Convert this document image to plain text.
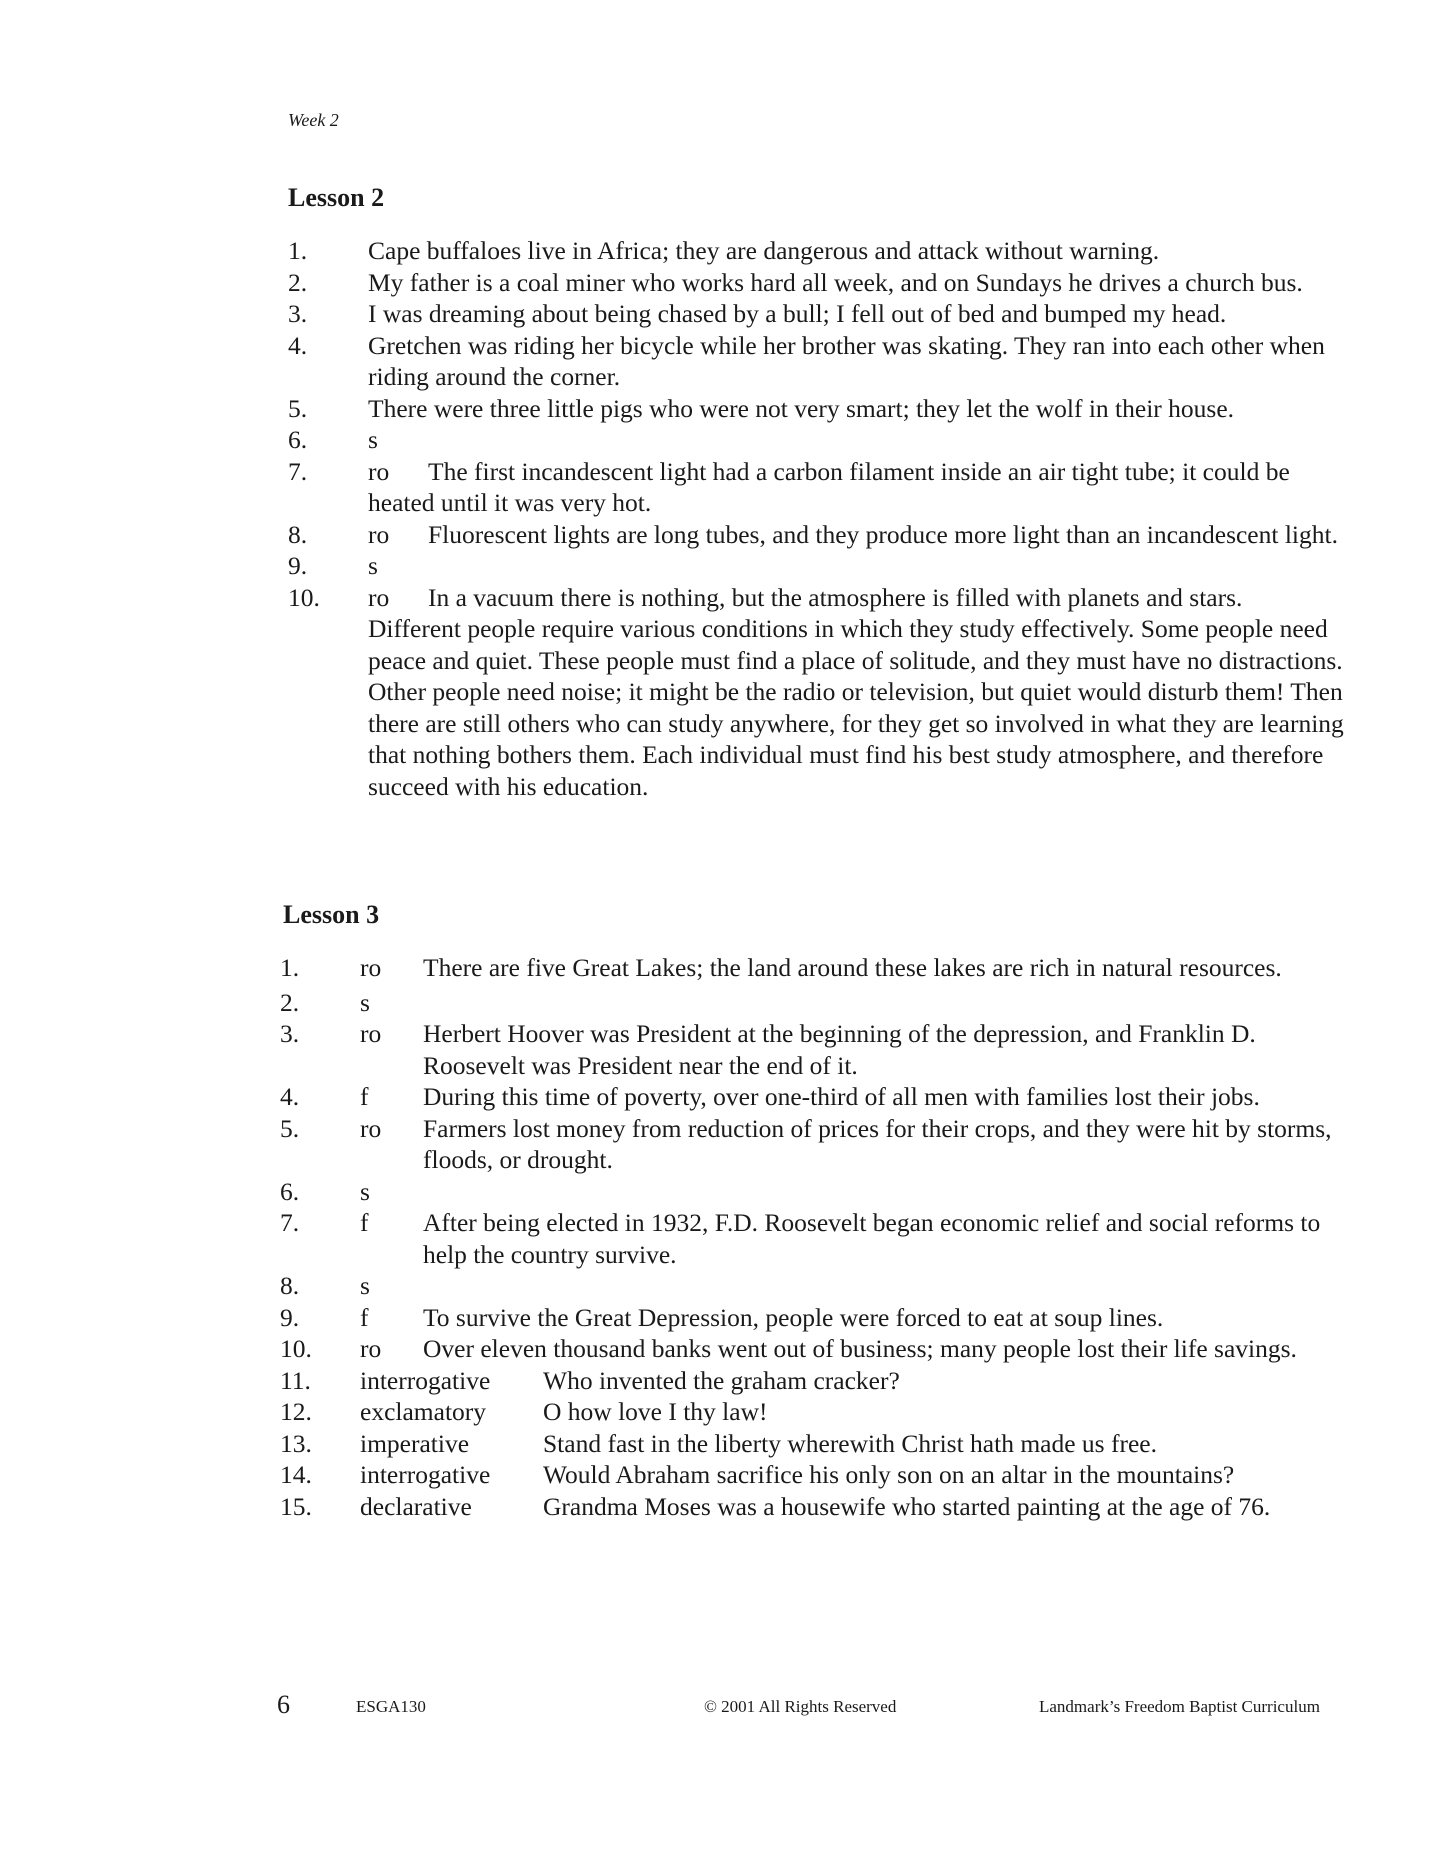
Week 2
Lesson 2
1. Cape buffaloes live in Africa; they are dangerous and attack without warning.
2. My father is a coal miner who works hard all week, and on Sundays he drives a church bus.
3. I was dreaming about being chased by a bull; I fell out of bed and bumped my head.
4. Gretchen was riding her bicycle while her brother was skating. They ran into each other when riding around the corner.
5. There were three little pigs who were not very smart; they let the wolf in their house.
6. s
7. ro The first incandescent light had a carbon filament inside an air tight tube; it could be heated until it was very hot.
8. ro Fluorescent lights are long tubes, and they produce more light than an incandescent light.
9. s
10. ro In a vacuum there is nothing, but the atmosphere is filled with planets and stars.
Different people require various conditions in which they study effectively. Some people need peace and quiet. These people must find a place of solitude, and they must have no distractions. Other people need noise; it might be the radio or television, but quiet would disturb them! Then there are still others who can study anywhere, for they get so involved in what they are learning that nothing bothers them. Each individual must find his best study atmosphere, and therefore succeed with his education.
Lesson 3
1. ro There are five Great Lakes; the land around these lakes are rich in natural resources.
2. s
3. ro Herbert Hoover was President at the beginning of the depression, and Franklin D. Roosevelt was President near the end of it.
4. f During this time of poverty, over one-third of all men with families lost their jobs.
5. ro Farmers lost money from reduction of prices for their crops, and they were hit by storms, floods, or drought.
6. s
7. f After being elected in 1932, F.D. Roosevelt began economic relief and social reforms to help the country survive.
8. s
9. f To survive the Great Depression, people were forced to eat at soup lines.
10. ro Over eleven thousand banks went out of business; many people lost their life savings.
11. interrogative Who invented the graham cracker?
12. exclamatory O how love I thy law!
13. imperative	Stand fast in the liberty wherewith Christ hath made us free.
14. interrogative Would Abraham sacrifice his only son on an altar in the mountains?
15. declarative	Grandma Moses was a housewife who started painting at the age of 76.
6	ESGA130	© 2001 All Rights Reserved	Landmark’s Freedom Baptist Curriculum
